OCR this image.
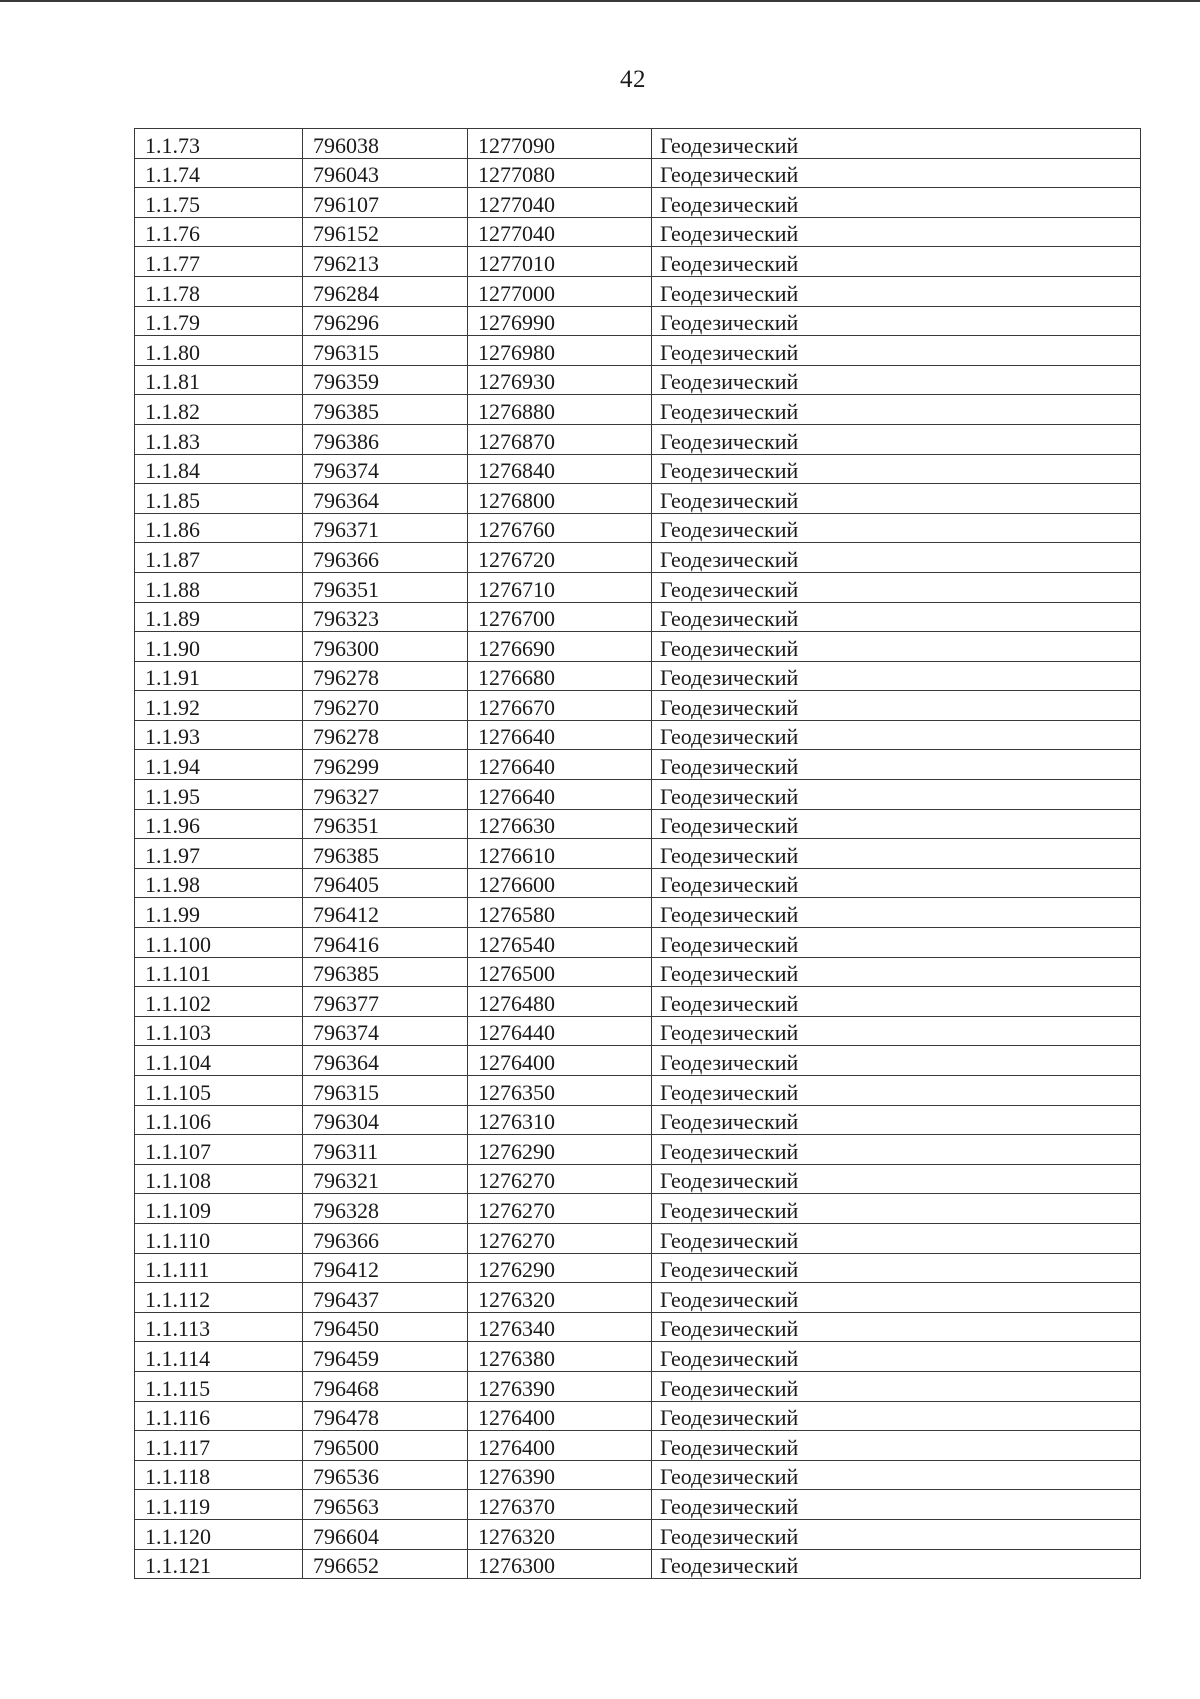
42
1.1.73	796038	1277090	Геодезический
1.1.74	796043	1277080	Геодезический
1.1.75	796107	1277040	Геодезический
1.1.76	796152	1277040	Геодезический
1.1.77	796213	1277010	Геодезический
1.1.78	796284	1277000	Геодезический
1.1.79	796296	1276990	Геодезический
1.1.80	796315	1276980	Геодезический
1.1.81	796359	1276930	Геодезический
1.1.82	796385	1276880	Геодезический
1.1.83	796386	1276870	Геодезический
1.1.84	796374	1276840	Геодезический
1.1.85	796364	1276800	Геодезический
1.1.86	796371	1276760	Геодезический
1.1.87	796366	1276720	Геодезический
1.1.88	796351	1276710	Геодезический
1.1.89	796323	1276700	Геодезический
1.1.90	796300	1276690	Геодезический
1.1.91	796278	1276680	Геодезический
1.1.92	796270	1276670	Геодезический
1.1.93	796278	1276640	Геодезический
1.1.94	796299	1276640	Геодезический
1.1.95	796327	1276640	Геодезический
1.1.96	796351	1276630	Геодезический
1.1.97	796385	1276610	Геодезический
1.1.98	796405	1276600	Геодезический
1.1.99	796412	1276580	Геодезический
1.1.100	796416	1276540	Геодезический
1.1.101	796385	1276500	Геодезический
1.1.102	796377	1276480	Геодезический
1.1.103	796374	1276440	Геодезический
1.1.104	796364	1276400	Геодезический
1.1.105	796315	1276350	Геодезический
1.1.106	796304	1276310	Геодезический
1.1.107	796311	1276290	Геодезический
1.1.108	796321	1276270	Геодезический
1.1.109	796328	1276270	Геодезический
1.1.110	796366	1276270	Геодезический
1.1.111	796412	1276290	Геодезический
1.1.112	796437	1276320	Геодезический
1.1.113	796450	1276340	Геодезический
1.1.114	796459	1276380	Геодезический
1.1.115	796468	1276390	Геодезический
1.1.116	796478	1276400	Геодезический
1.1.117	796500	1276400	Геодезический
1.1.118	796536	1276390	Геодезический
1.1.119	796563	1276370	Геодезический
1.1.120	796604	1276320	Геодезический
1.1.121	796652	1276300	Геодезический
